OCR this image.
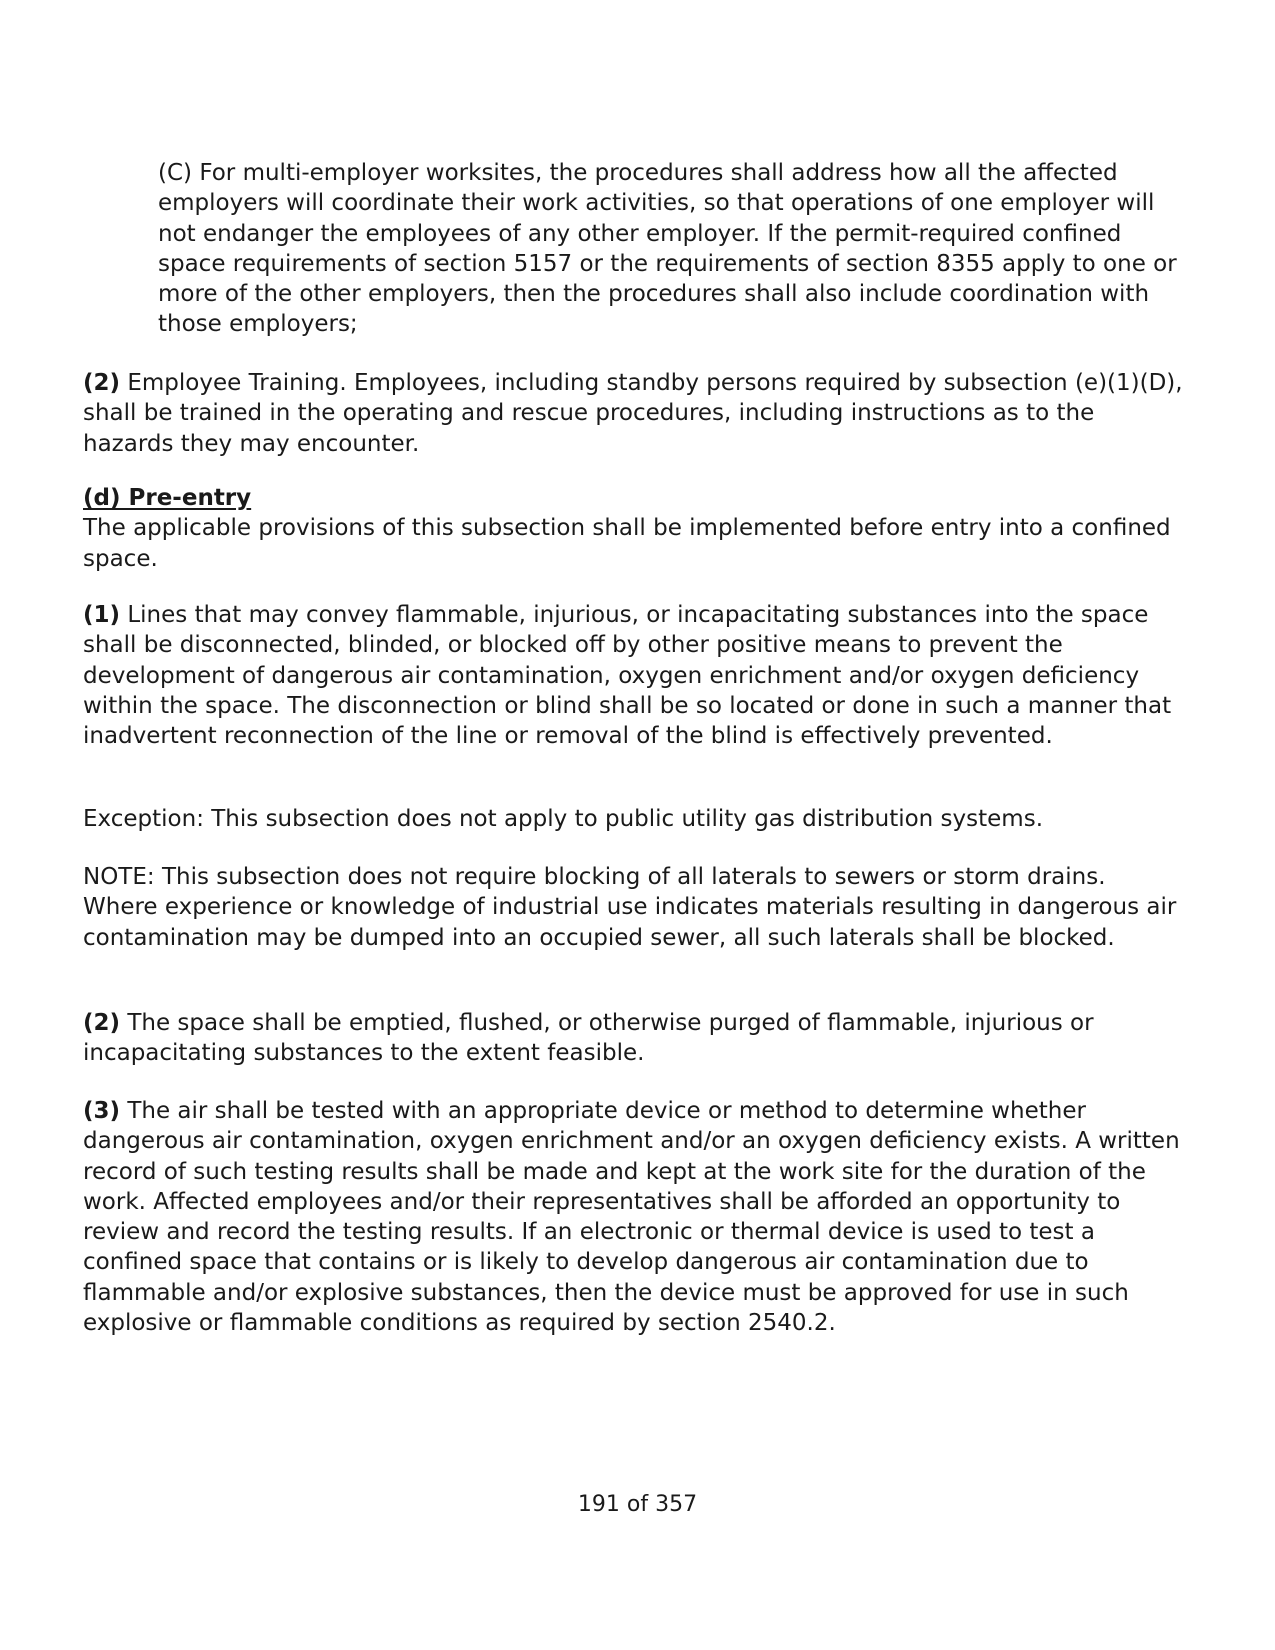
(C) For multi-employer worksites, the procedures shall address how all the affected employers will coordinate their work activities, so that operations of one employer will not endanger the employees of any other employer. If the permit-required confined space requirements of section 5157 or the requirements of section 8355 apply to one or more of the other employers, then the procedures shall also include coordination with those employers;

(2) Employee Training. Employees, including standby persons required by subsection (e)(1)(D), shall be trained in the operating and rescue procedures, including instructions as to the hazards they may encounter.

(d) Pre-entry
The applicable provisions of this subsection shall be implemented before entry into a confined space.

(1) Lines that may convey flammable, injurious, or incapacitating substances into the space shall be disconnected, blinded, or blocked off by other positive means to prevent the development of dangerous air contamination, oxygen enrichment and/or oxygen deficiency within the space. The disconnection or blind shall be so located or done in such a manner that inadvertent reconnection of the line or removal of the blind is effectively prevented.

Exception: This subsection does not apply to public utility gas distribution systems.

NOTE: This subsection does not require blocking of all laterals to sewers or storm drains. Where experience or knowledge of industrial use indicates materials resulting in dangerous air contamination may be dumped into an occupied sewer, all such laterals shall be blocked.

(2) The space shall be emptied, flushed, or otherwise purged of flammable, injurious or incapacitating substances to the extent feasible.

(3) The air shall be tested with an appropriate device or method to determine whether dangerous air contamination, oxygen enrichment and/or an oxygen deficiency exists. A written record of such testing results shall be made and kept at the work site for the duration of the work. Affected employees and/or their representatives shall be afforded an opportunity to review and record the testing results. If an electronic or thermal device is used to test a confined space that contains or is likely to develop dangerous air contamination due to flammable and/or explosive substances, then the device must be approved for use in such explosive or flammable conditions as required by section 2540.2.

191 of 357
